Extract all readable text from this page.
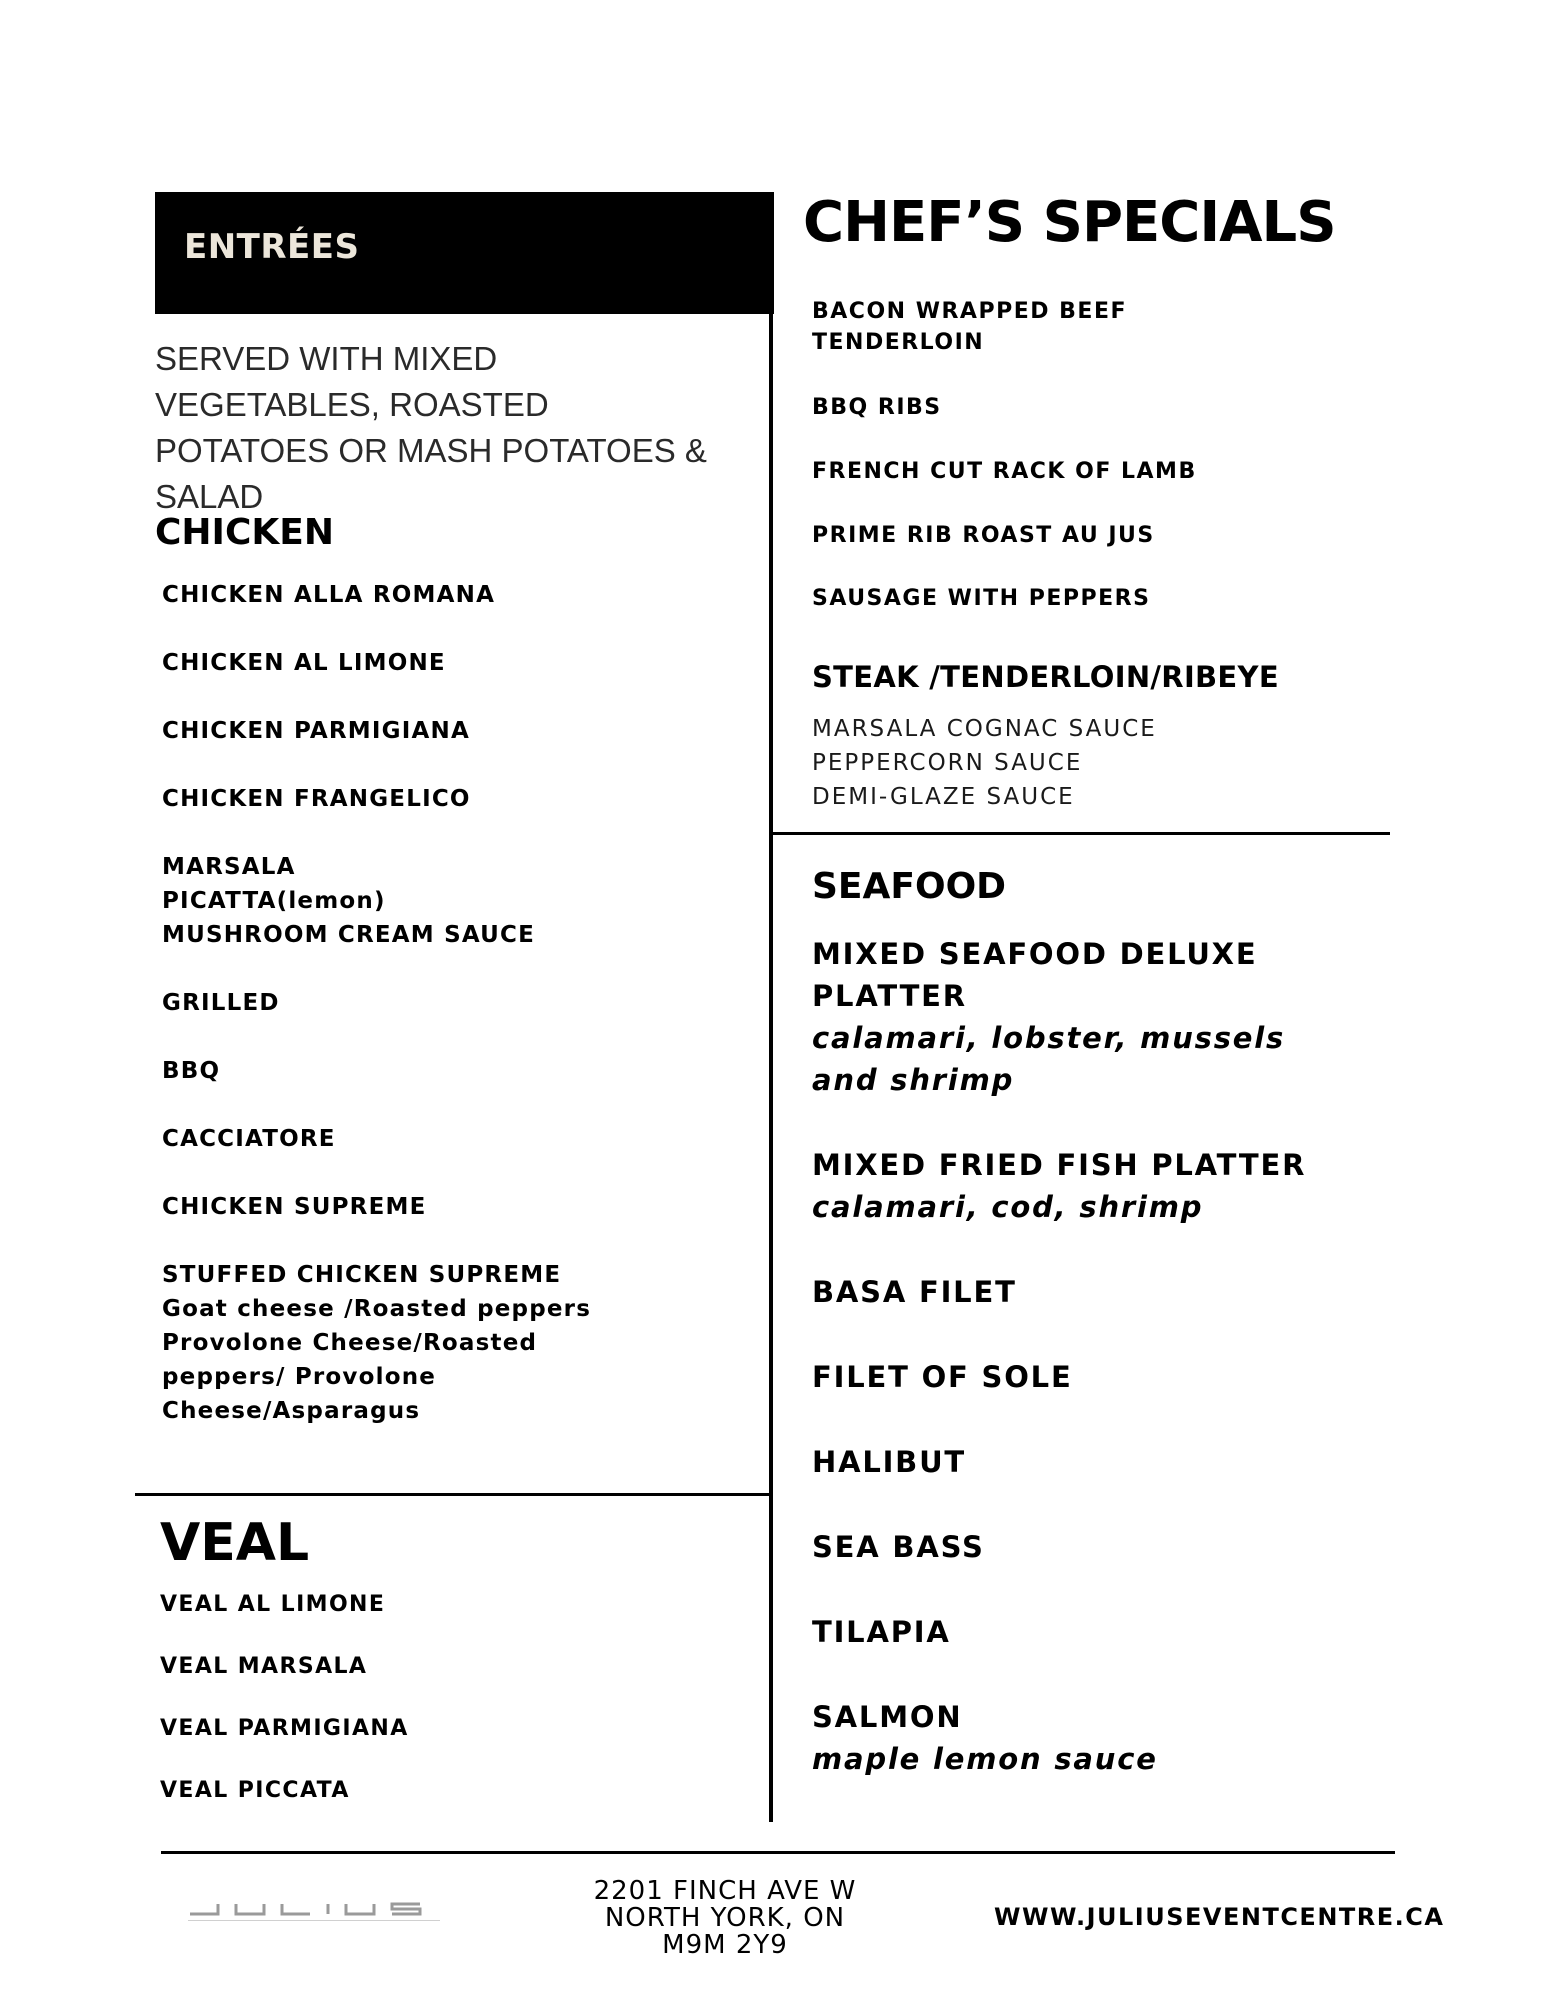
ENTRÉES
SERVED WITH MIXED VEGETABLES, ROASTED POTATOES OR MASH POTATOES & SALAD
CHICKEN
CHICKEN ALLA ROMANA
CHICKEN AL LIMONE
CHICKEN PARMIGIANA
CHICKEN FRANGELICO
MARSALA
PICATTA(lemon)
MUSHROOM CREAM SAUCE
GRILLED
BBQ
CACCIATORE
CHICKEN SUPREME
STUFFED CHICKEN SUPREME
Goat cheese /Roasted peppers
Provolone Cheese/Roasted
peppers/ Provolone
Cheese/Asparagus
VEAL
VEAL AL LIMONE
VEAL MARSALA
VEAL PARMIGIANA
VEAL PICCATA
CHEF’S SPECIALS
BACON WRAPPED BEEF
TENDERLOIN
BBQ RIBS
FRENCH CUT RACK OF LAMB
PRIME RIB ROAST AU JUS
SAUSAGE WITH PEPPERS
STEAK /TENDERLOIN/RIBEYE
MARSALA COGNAC SAUCE
PEPPERCORN SAUCE
DEMI-GLAZE SAUCE
SEAFOOD
MIXED SEAFOOD DELUXE
PLATTER
calamari, lobster, mussels
and shrimp
MIXED FRIED FISH PLATTER
calamari, cod, shrimp
BASA FILET
FILET OF SOLE
HALIBUT
SEA BASS
TILAPIA
SALMON
maple lemon sauce
2201 FINCH AVE W
NORTH YORK, ON
M9M 2Y9
WWW.JULIUSEVENTCENTRE.CA
